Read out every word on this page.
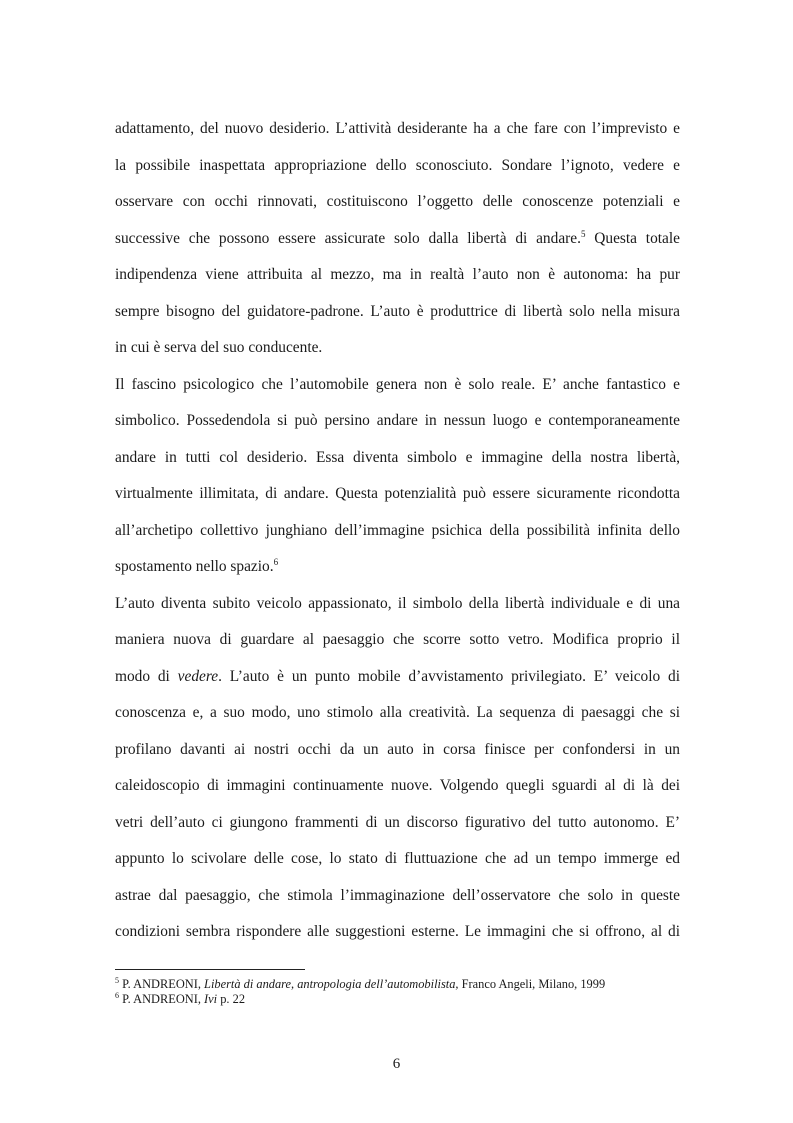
adattamento, del nuovo desiderio. L’attività desiderante ha a che fare con l’imprevisto e
la possibile inaspettata appropriazione dello sconosciuto. Sondare l’ignoto, vedere e
osservare con occhi rinnovati, costituiscono l’oggetto delle conoscenze potenziali e
successive che possono essere assicurate solo dalla libertà di andare.$^5$ Questa totale
indipendenza viene attribuita al mezzo, ma in realtà l’auto non è autonoma: ha pur
sempre bisogno del guidatore-padrone. L’auto è produttrice di libertà solo nella misura
in cui è serva del suo conducente.
Il fascino psicologico che l’automobile genera non è solo reale. E’ anche fantastico e
simbolico. Possedendola si può persino andare in nessun luogo e contemporaneamente
andare in tutti col desiderio. Essa diventa simbolo e immagine della nostra libertà,
virtualmente illimitata, di andare. Questa potenzialità può essere sicuramente ricondotta
all’archetipo collettivo junghiano dell’immagine psichica della possibilità infinita dello
spostamento nello spazio.$^6$
L’auto diventa subito veicolo appassionato, il simbolo della libertà individuale e di una
maniera nuova di guardare al paesaggio che scorre sotto vetro. Modifica proprio il
modo di vedere. L’auto è un punto mobile d’avvistamento privilegiato. E’ veicolo di
conoscenza e, a suo modo, uno stimolo alla creatività. La sequenza di paesaggi che si
profilano davanti ai nostri occhi da un auto in corsa finisce per confondersi in un
caleidoscopio di immagini continuamente nuove. Volgendo quegli sguardi al di là dei
vetri dell’auto ci giungono frammenti di un discorso figurativo del tutto autonomo. E’
appunto lo scivolare delle cose, lo stato di fluttuazione che ad un tempo immerge ed
astrae dal paesaggio, che stimola l’immaginazione dell’osservatore che solo in queste
condizioni sembra rispondere alle suggestioni esterne. Le immagini che si offrono, al di
$^5$ P. ANDREONI, Libertà di andare, antropologia dell’automobilista, Franco Angeli, Milano, 1999
$^6$ P. ANDREONI, Ivi p. 22
6
